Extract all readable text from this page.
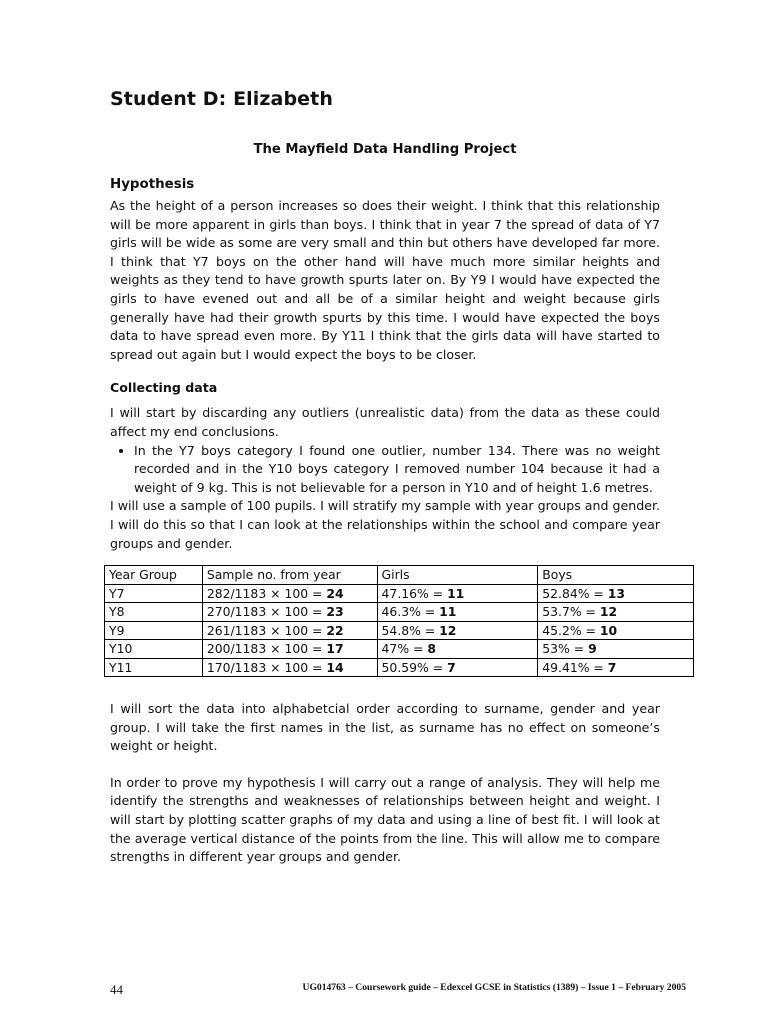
Student D: Elizabeth
The Mayfield Data Handling Project
Hypothesis

As the height of a person increases so does their weight. I think that this relationship will be more apparent in girls than boys. I think that in year 7 the spread of data of Y7 girls will be wide as some are very small and thin but others have developed far more. I think that Y7 boys on the other hand will have much more similar heights and weights as they tend to have growth spurts later on. By Y9 I would have expected the girls to have evened out and all be of a similar height and weight because girls generally have had their growth spurts by this time. I would have expected the boys data to have spread even more. By Y11 I think that the girls data will have started to spread out again but I would expect the boys to be closer.

Collecting data

I will start by discarding any outliers (unrealistic data) from the data as these could affect my end conclusions.

• In the Y7 boys category I found one outlier, number 134. There was no weight recorded and in the Y10 boys category I removed number 104 because it had a weight of 9 kg. This is not believable for a person in Y10 and of height 1.6 metres.

I will use a sample of 100 pupils. I will stratify my sample with year groups and gender. I will do this so that I can look at the relationships within the school and compare year groups and gender.

Year Group	Sample no. from year	Girls	Boys
Y7	282/1183 × 100 = 24	47.16% = 11	52.84% = 13
Y8	270/1183 × 100 = 23	46.3% = 11	53.7% = 12
Y9	261/1183 × 100 = 22	54.8% = 12	45.2% = 10
Y10	200/1183 × 100 = 17	47% = 8	53% = 9
Y11	170/1183 × 100 = 14	50.59% = 7	49.41% = 7

I will sort the data into alphabetcial order according to surname, gender and year group. I will take the first names in the list, as surname has no effect on someone’s weight or height.

In order to prove my hypothesis I will carry out a range of analysis. They will help me identify the strengths and weaknesses of relationships between height and weight. I will start by plotting scatter graphs of my data and using a line of best fit. I will look at the average vertical distance of the points from the line. This will allow me to compare strengths in different year groups and gender.

44	UG014763 – Coursework guide – Edexcel GCSE in Statistics (1389) – Issue 1 – February 2005
